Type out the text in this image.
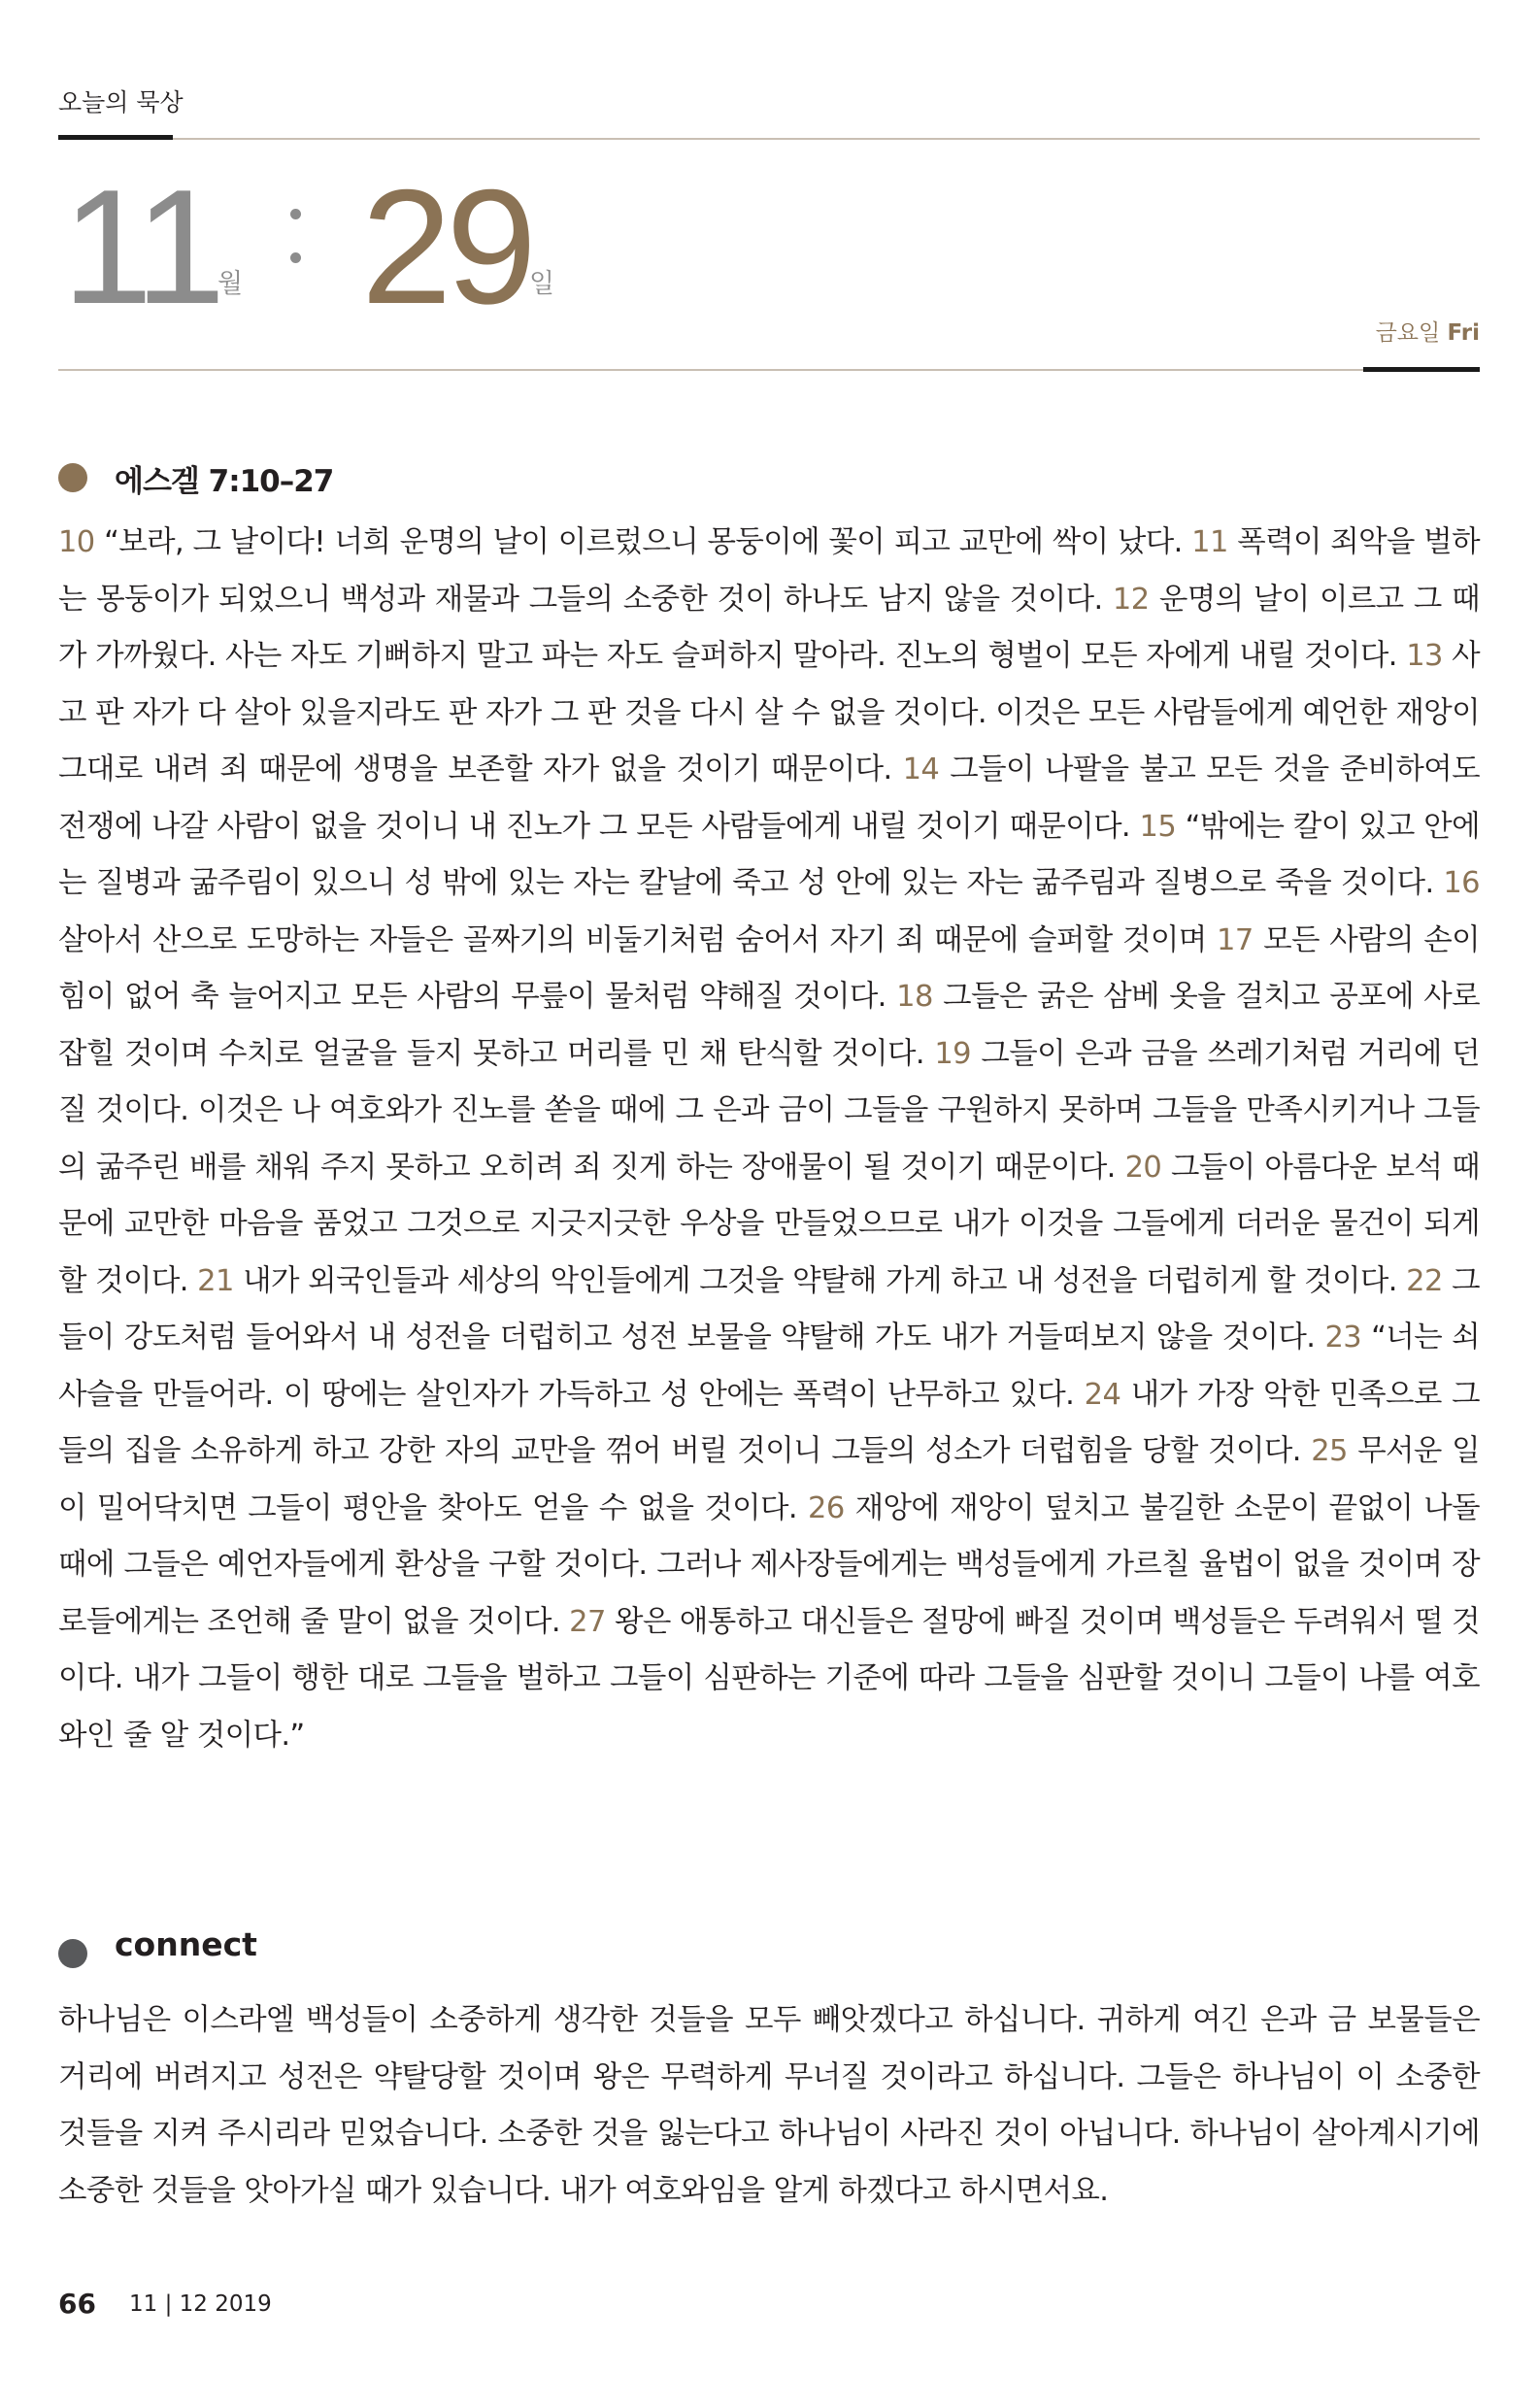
오늘의 묵상
11
월 29
일
금요일 Fri
에스겔 7:10–27
10 “보라, 그 날이다! 너희 운명의 날이 이르렀으니 몽둥이에 꽃이 피고 교만에 싹이 났다. 11 폭력이 죄악을 벌하는 몽둥이가 되었으니 백성과 재물과 그들의 소중한 것이 하나도 남지 않을 것이다. 12 운명의 날이 이르고 그 때가 가까웠다. 사는 자도 기뻐하지 말고 파는 자도 슬퍼하지 말아라. 진노의 형벌이 모든 자에게 내릴 것이다. 13 사고 판 자가 다 살아 있을지라도 판 자가 그 판 것을 다시 살 수 없을 것이다. 이것은 모든 사람들에게 예언한 재앙이 그대로 내려 죄 때문에 생명을 보존할 자가 없을 것이기 때문이다. 14 그들이 나팔을 불고 모든 것을 준비하여도 전쟁에 나갈 사람이 없을 것이니 내 진노가 그 모든 사람들에게 내릴 것이기 때문이다. 15 “밖에는 칼이 있고 안에는 질병과 굶주림이 있으니 성 밖에 있는 자는 칼날에 죽고 성 안에 있는 자는 굶주림과 질병으로 죽을 것이다. 16 살아서 산으로 도망하는 자들은 골짜기의 비둘기처럼 숨어서 자기 죄 때문에 슬퍼할 것이며 17 모든 사람의 손이 힘이 없어 축 늘어지고 모든 사람의 무릎이 물처럼 약해질 것이다. 18 그들은 굵은 삼베 옷을 걸치고 공포에 사로잡힐 것이며 수치로 얼굴을 들지 못하고 머리를 민 채 탄식할 것이다. 19 그들이 은과 금을 쓰레기처럼 거리에 던질 것이다. 이것은 나 여호와가 진노를 쏟을 때에 그 은과 금이 그들을 구원하지 못하며 그들을 만족시키거나 그들의 굶주린 배를 채워 주지 못하고 오히려 죄 짓게 하는 장애물이 될 것이기 때문이다. 20 그들이 아름다운 보석 때문에 교만한 마음을 품었고 그것으로 지긋지긋한 우상을 만들었으므로 내가 이것을 그들에게 더러운 물건이 되게 할 것이다. 21 내가 외국인들과 세상의 악인들에게 그것을 약탈해 가게 하고 내 성전을 더럽히게 할 것이다. 22 그들이 강도처럼 들어와서 내 성전을 더럽히고 성전 보물을 약탈해 가도 내가 거들떠보지 않을 것이다. 23 “너는 쇠사슬을 만들어라. 이 땅에는 살인자가 가득하고 성 안에는 폭력이 난무하고 있다. 24 내가 가장 악한 민족으로 그들의 집을 소유하게 하고 강한 자의 교만을 꺾어 버릴 것이니 그들의 성소가 더럽힘을 당할 것이다. 25 무서운 일이 밀어닥치면 그들이 평안을 찾아도 얻을 수 없을 것이다. 26 재앙에 재앙이 덮치고 불길한 소문이 끝없이 나돌 때에 그들은 예언자들에게 환상을 구할 것이다. 그러나 제사장들에게는 백성들에게 가르칠 율법이 없을 것이며 장로들에게는 조언해 줄 말이 없을 것이다. 27 왕은 애통하고 대신들은 절망에 빠질 것이며 백성들은 두려워서 떨 것이다. 내가 그들이 행한 대로 그들을 벌하고 그들이 심판하는 기준에 따라 그들을 심판할 것이니 그들이 나를 여호와인 줄 알 것이다.”
connect
하나님은 이스라엘 백성들이 소중하게 생각한 것들을 모두 빼앗겠다고 하십니다. 귀하게 여긴 은과 금 보물들은 거리에 버려지고 성전은 약탈당할 것이며 왕은 무력하게 무너질 것이라고 하십니다. 그들은 하나님이 이 소중한 것들을 지켜 주시리라 믿었습니다. 소중한 것을 잃는다고 하나님이 사라진 것이 아닙니다. 하나님이 살아계시기에 소중한 것들을 앗아가실 때가 있습니다. 내가 여호와임을 알게 하겠다고 하시면서요.
66 11 | 12 2019
